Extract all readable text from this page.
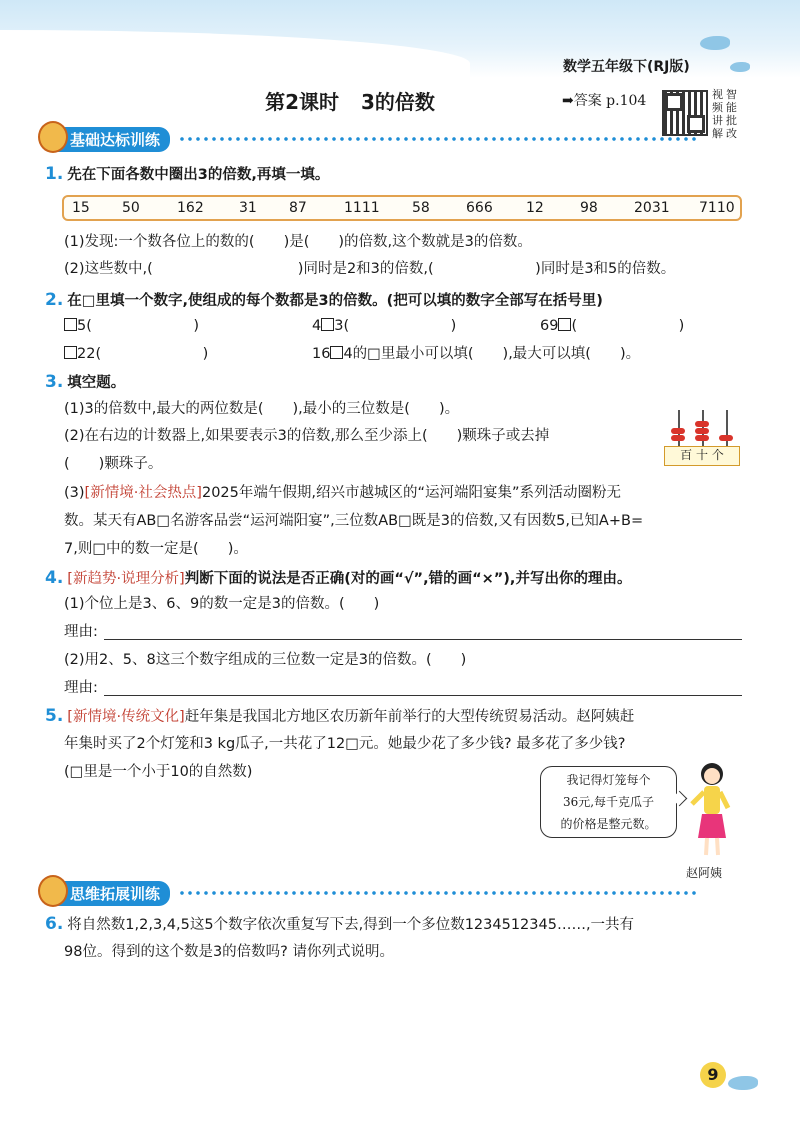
数学五年级下(RJ版)
第2课时 3的倍数	➡答案 p.104	视 智
频 能
讲 批
解 改
基础达标训练
1. 先在下面各数中圈出3的倍数,再填一填。
15 50	162	31 87	1111 58	666 12	98	2031 7110
(1)发现:一个数各位上的数的(　　)是(　　)的倍数,这个数就是3的倍数。
(2)这些数中,(　　　　　　　　　　)同时是2和3的倍数,(　　　　　　　)同时是3和5的倍数。
2. 在□里填一个数字,使组成的每个数都是3的倍数。(把可以填的数字全部写在括号里)
5(　　　　　　　)	4 3(　　　　　　　)	69 (　　　　　　　)
22(　　　　　　　)	16 4的□里最小可以填(　　),最大可以填(　　)。
3. 填空题。
(1)3的倍数中,最大的两位数是(　　),最小的三位数是(　　)。
(2)在右边的计数器上,如果要表示3的倍数,那么至少添上(　　)颗珠子或去掉
(　　)颗珠子。
百 十 个
(3)[新情境·社会热点]2025年端午假期,绍兴市越城区的“运河端阳宴集”系列活动圈粉无
数。某天有AB□名游客品尝“运河端阳宴”,三位数AB□既是3的倍数,又有因数5,已知A+B=
7,则□中的数一定是(　　)。
4. [新趋势·说理分析]判断下面的说法是否正确(对的画“√”,错的画“×”),并写出你的理由。
(1)个位上是3、6、9的数一定是3的倍数。(　　)
理由:
(2)用2、5、8这三个数字组成的三位数一定是3的倍数。(　　)
理由:
5. [新情境·传统文化]赶年集是我国北方地区农历新年前举行的大型传统贸易活动。赵阿姨赶
年集时买了2个灯笼和3 kg瓜子,一共花了12□元。她最少花了多少钱? 最多花了多少钱?
(□里是一个小于10的自然数)	我记得灯笼每个
36元,每千克瓜子
的价格是整元数。
赵阿姨
思维拓展训练
6. 将自然数1,2,3,4,5这5个数字依次重复写下去,得到一个多位数1234512345……,一共有
98位。得到的这个数是3的倍数吗? 请你列式说明。
9
